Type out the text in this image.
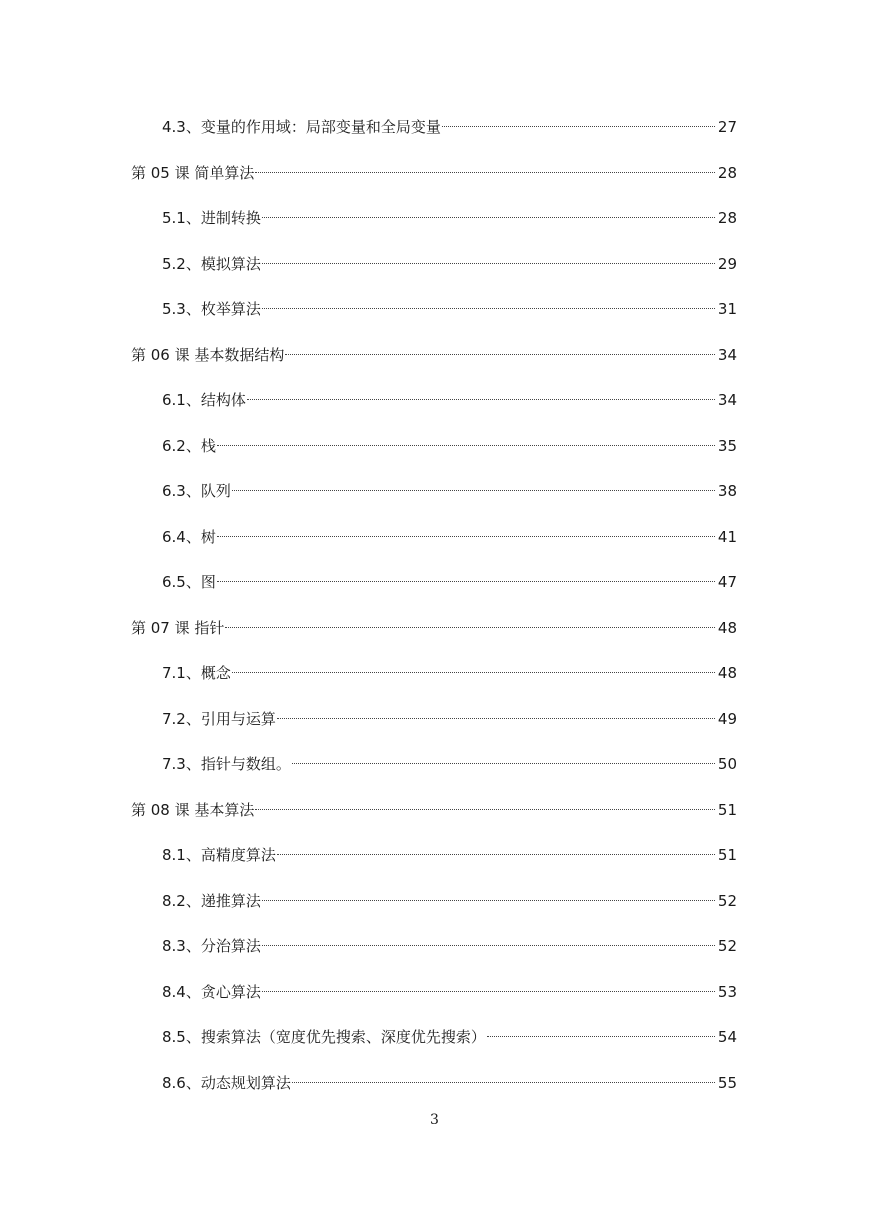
4.3、变量的作用域：局部变量和全局变量	27
第 05 课 简单算法	28
5.1、进制转换	28
5.2、模拟算法	29
5.3、枚举算法	31
第 06 课 基本数据结构	34
6.1、结构体	34
6.2、栈	35
6.3、队列	38
6.4、树	41
6.5、图	47
第 07 课 指针	48
7.1、概念	48
7.2、引用与运算	49
7.3、指针与数组。	50
第 08 课 基本算法	51
8.1、高精度算法	51
8.2、递推算法	52
8.3、分治算法	52
8.4、贪心算法	53
8.5、搜索算法（宽度优先搜索、深度优先搜索）	54
8.6、动态规划算法	55
3
